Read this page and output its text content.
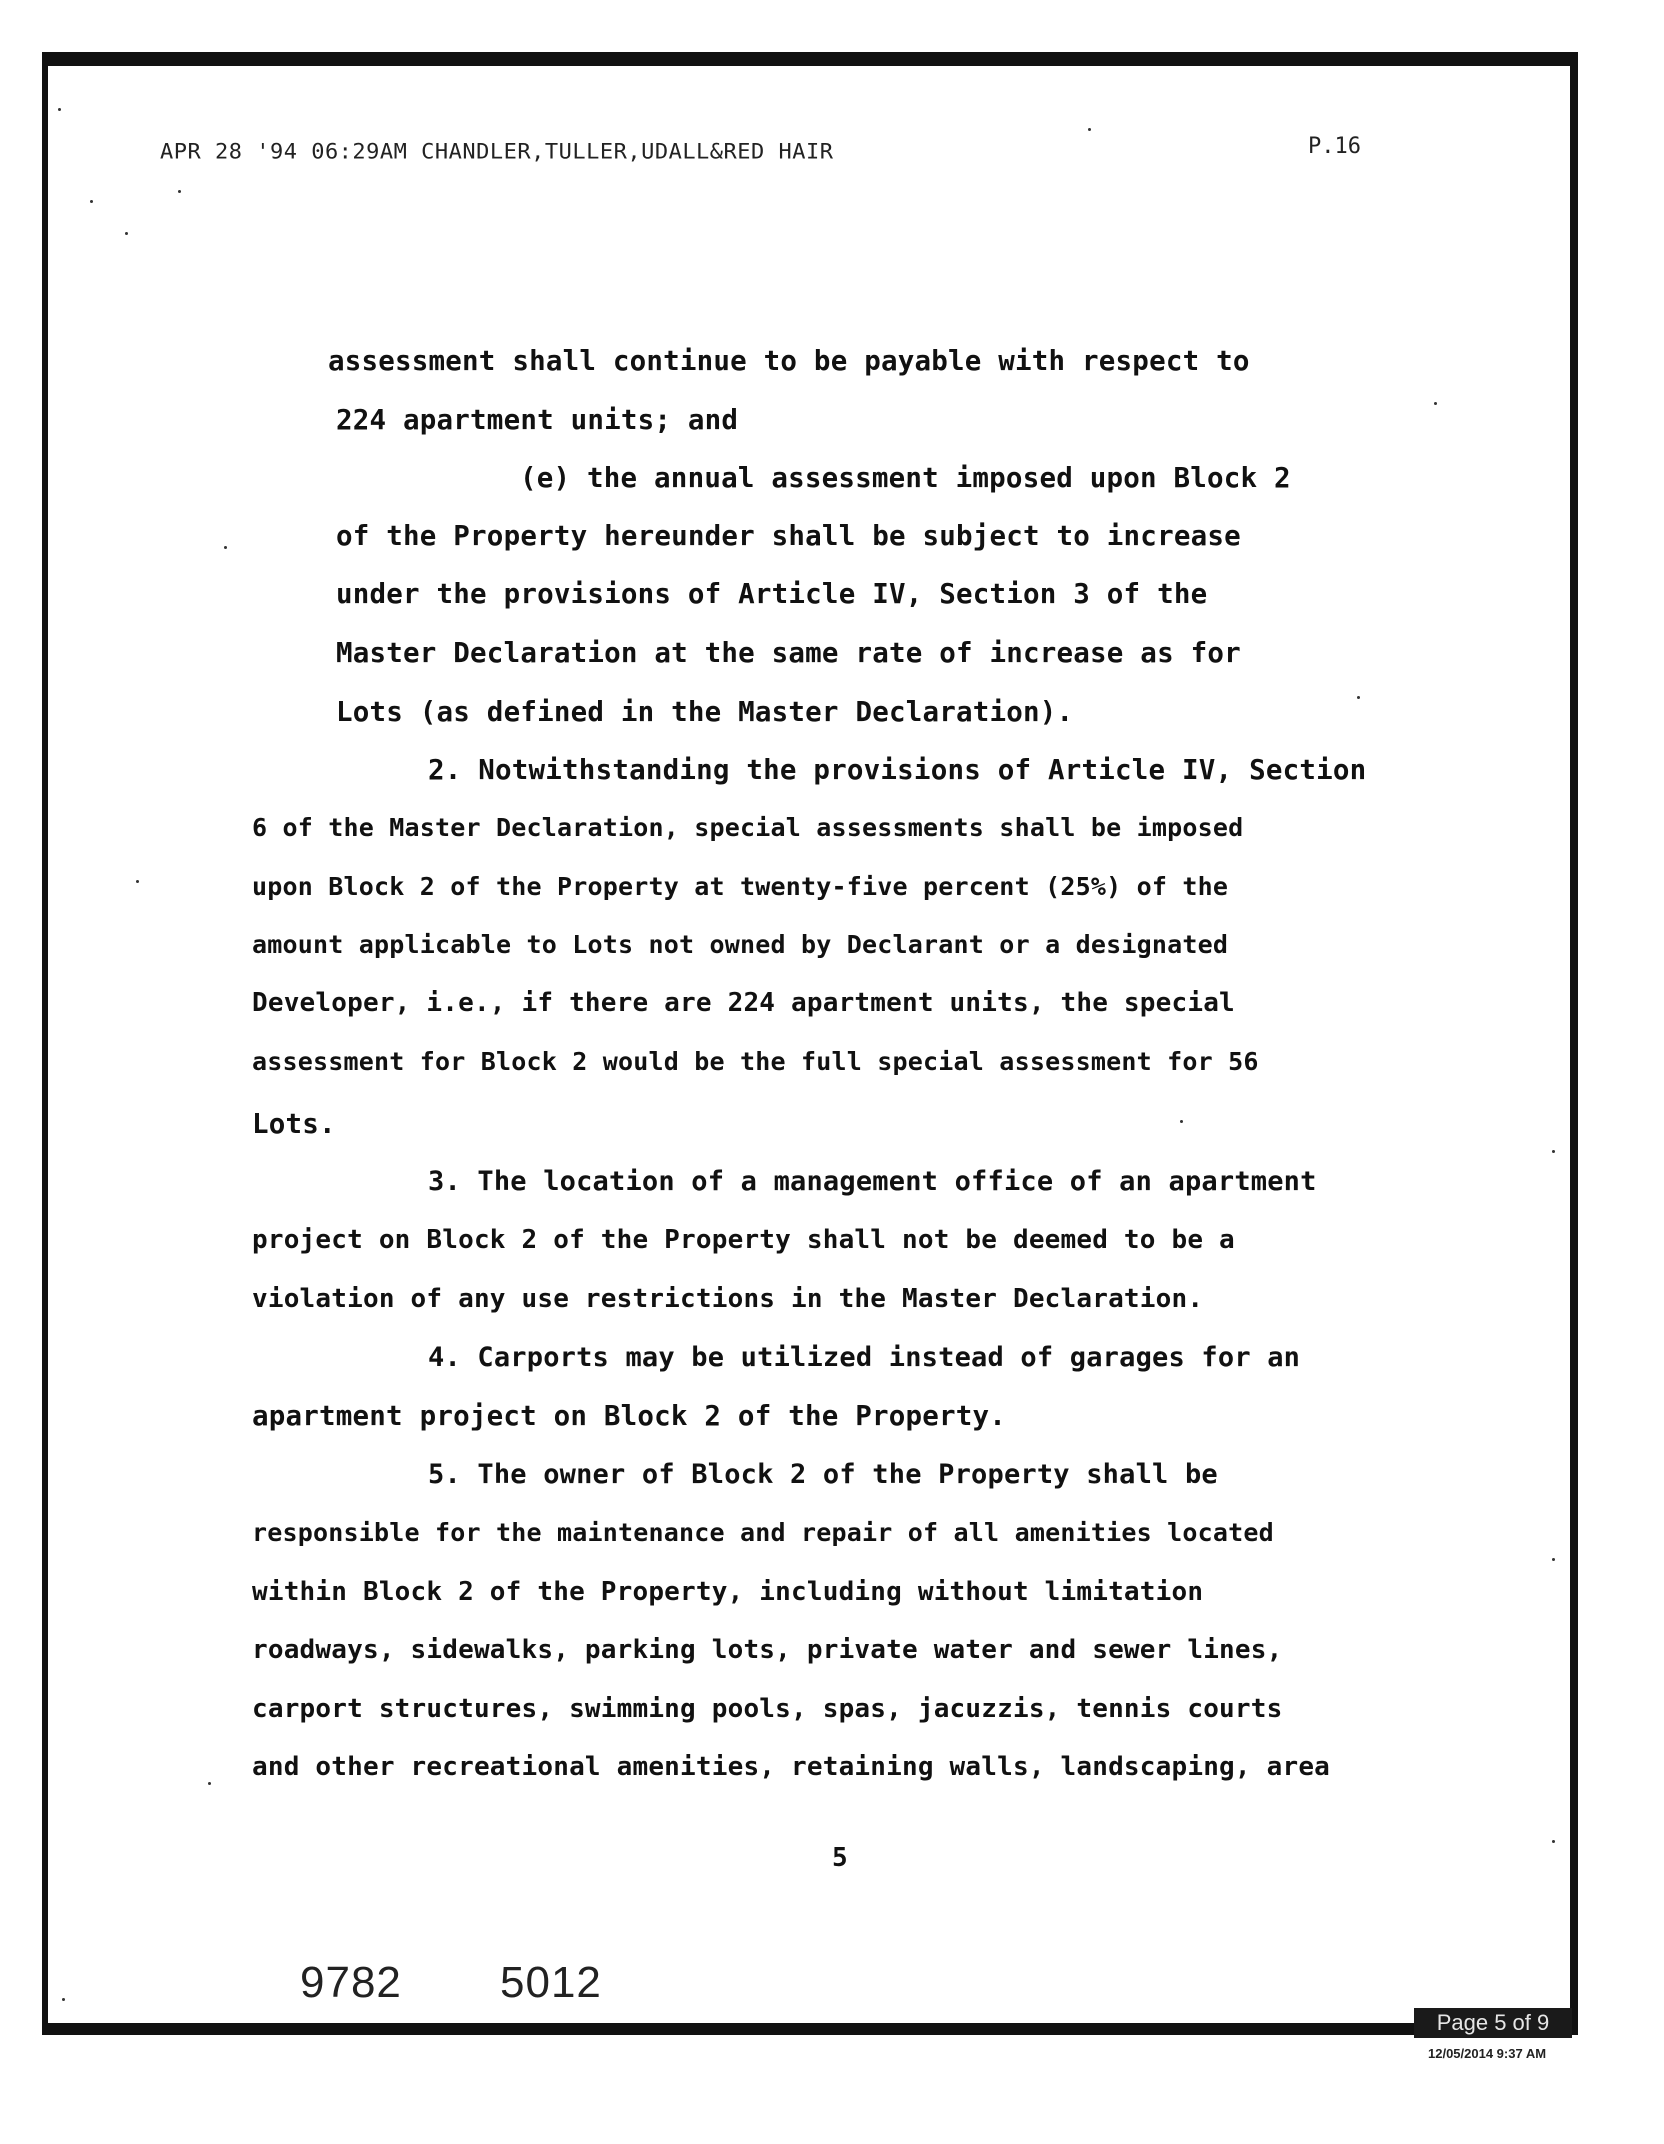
APR 28 '94 06:29AM CHANDLER,TULLER,UDALL&RED HAIR	P.16
assessment shall continue to be payable with respect to
224 apartment units; and
(e) the annual assessment imposed upon Block 2
of the Property hereunder shall be subject to increase
under the provisions of Article IV, Section 3 of the
Master Declaration at the same rate of increase as for
Lots (as defined in the Master Declaration).
2. Notwithstanding the provisions of Article IV, Section
6 of the Master Declaration, special assessments shall be imposed
upon Block 2 of the Property at twenty-five percent (25%) of the
amount applicable to Lots not owned by Declarant or a designated
Developer, i.e., if there are 224 apartment units, the special
assessment for Block 2 would be the full special assessment for 56
Lots.
3. The location of a management office of an apartment
project on Block 2 of the Property shall not be deemed to be a
violation of any use restrictions in the Master Declaration.
4. Carports may be utilized instead of garages for an
apartment project on Block 2 of the Property.
5. The owner of Block 2 of the Property shall be
responsible for the maintenance and repair of all amenities located
within Block 2 of the Property, including without limitation
roadways, sidewalks, parking lots, private water and sewer lines,
carport structures, swimming pools, spas, jacuzzis, tennis courts
and other recreational amenities, retaining walls, landscaping, area
5
9782 5012
Page 5 of 9
12/05/2014 9:37 AM
